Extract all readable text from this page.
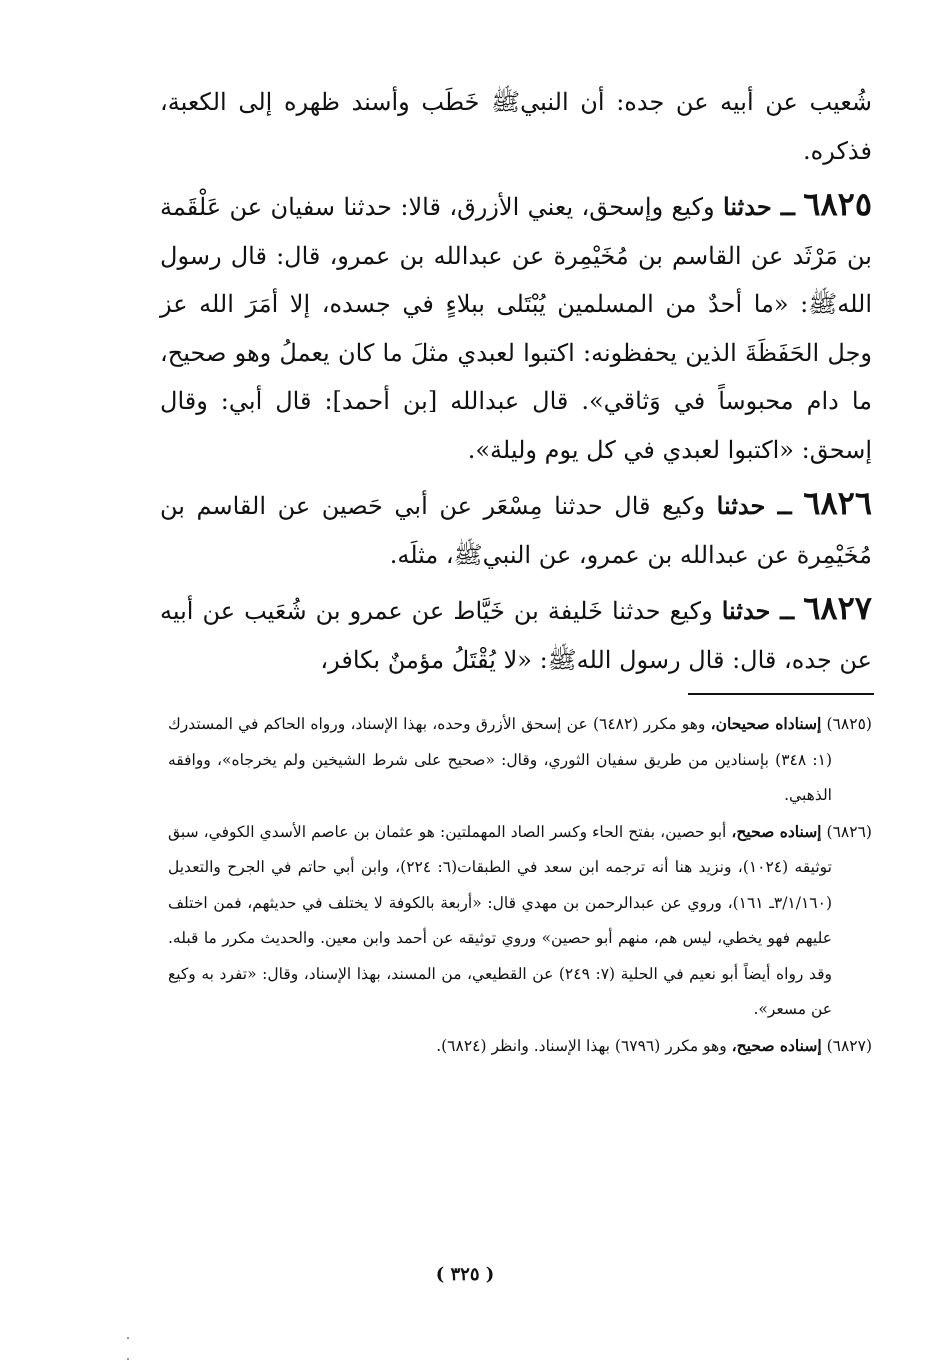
شُعيب عن أبيه عن جده: أن النبيﷺ خَطَب وأسند ظهره إلى الكعبة، فذكره.

٦٨٢٥ ــ حدثنا وكيع وإسحق، يعني الأزرق، قالا: حدثنا سفيان عن عَلْقَمة بن مَرْثَد عن القاسم بن مُخَيْمِرة عن عبدالله بن عمرو، قال: قال رسول اللهﷺ: «ما أحدٌ من المسلمين يُبْتَلى ببلاءٍ في جسده، إلا أمَرَ الله عز وجل الحَفَظَةَ الذين يحفظونه: اكتبوا لعبدي مثلَ ما كان يعملُ وهو صحيح، ما دام محبوساً في وَثاقي». قال عبدالله [بن أحمد]: قال أبي: وقال إسحق: «اكتبوا لعبدي في كل يوم وليلة».

٦٨٢٦ ــ حدثنا وكيع قال حدثنا مِسْعَر عن أبي حَصين عن القاسم بن مُخَيْمِرة عن عبدالله بن عمرو، عن النبيﷺ، مثلَه.

٦٨٢٧ ــ حدثنا وكيع حدثنا خَليفة بن خَيَّاط عن عمرو بن شُعَيب عن أبيه عن جده، قال: قال رسول اللهﷺ: «لا يُقْتَلُ مؤمنٌ بكافر،

(٦٨٢٥) إسناداه صحيحان، وهو مكرر (٦٤٨٢) عن إسحق الأزرق وحده، بهذا الإسناد، ورواه الحاكم في المستدرك (١: ٣٤٨) بإسنادين من طريق سفيان الثوري، وقال: «صحيح على شرط الشيخين ولم يخرجاه»، ووافقه الذهبي.

(٦٨٢٦) إسناده صحيح، أبو حصين، بفتح الحاء وكسر الصاد المهملتين: هو عثمان بن عاصم الأسدي الكوفي، سبق توثيقه (١٠٢٤)، ونزيد هنا أنه ترجمه ابن سعد في الطبقات(٦: ٢٢٤)، وابن أبي حاتم في الجرح والتعديل (٣/١/١٦٠ـ ١٦١)، وروي عن عبدالرحمن بن مهدي قال: «أربعة بالكوفة لا يختلف في حديثهم، فمن اختلف عليهم فهو يخطي، ليس هم، منهم أبو حصين» وروي توثيقه عن أحمد وابن معين. والحديث مكرر ما قبله. وقد رواه أيضاً أبو نعيم في الحلية (٧: ٢٤٩) عن القطيعي، من المسند، بهذا الإسناد، وقال: «تفرد به وكيع عن مسعر».

(٦٨٢٧) إسناده صحيح، وهو مكرر (٦٧٩٦) بهذا الإسناد. وانظر (٦٨٢٤).

( ٣٢٥ )
